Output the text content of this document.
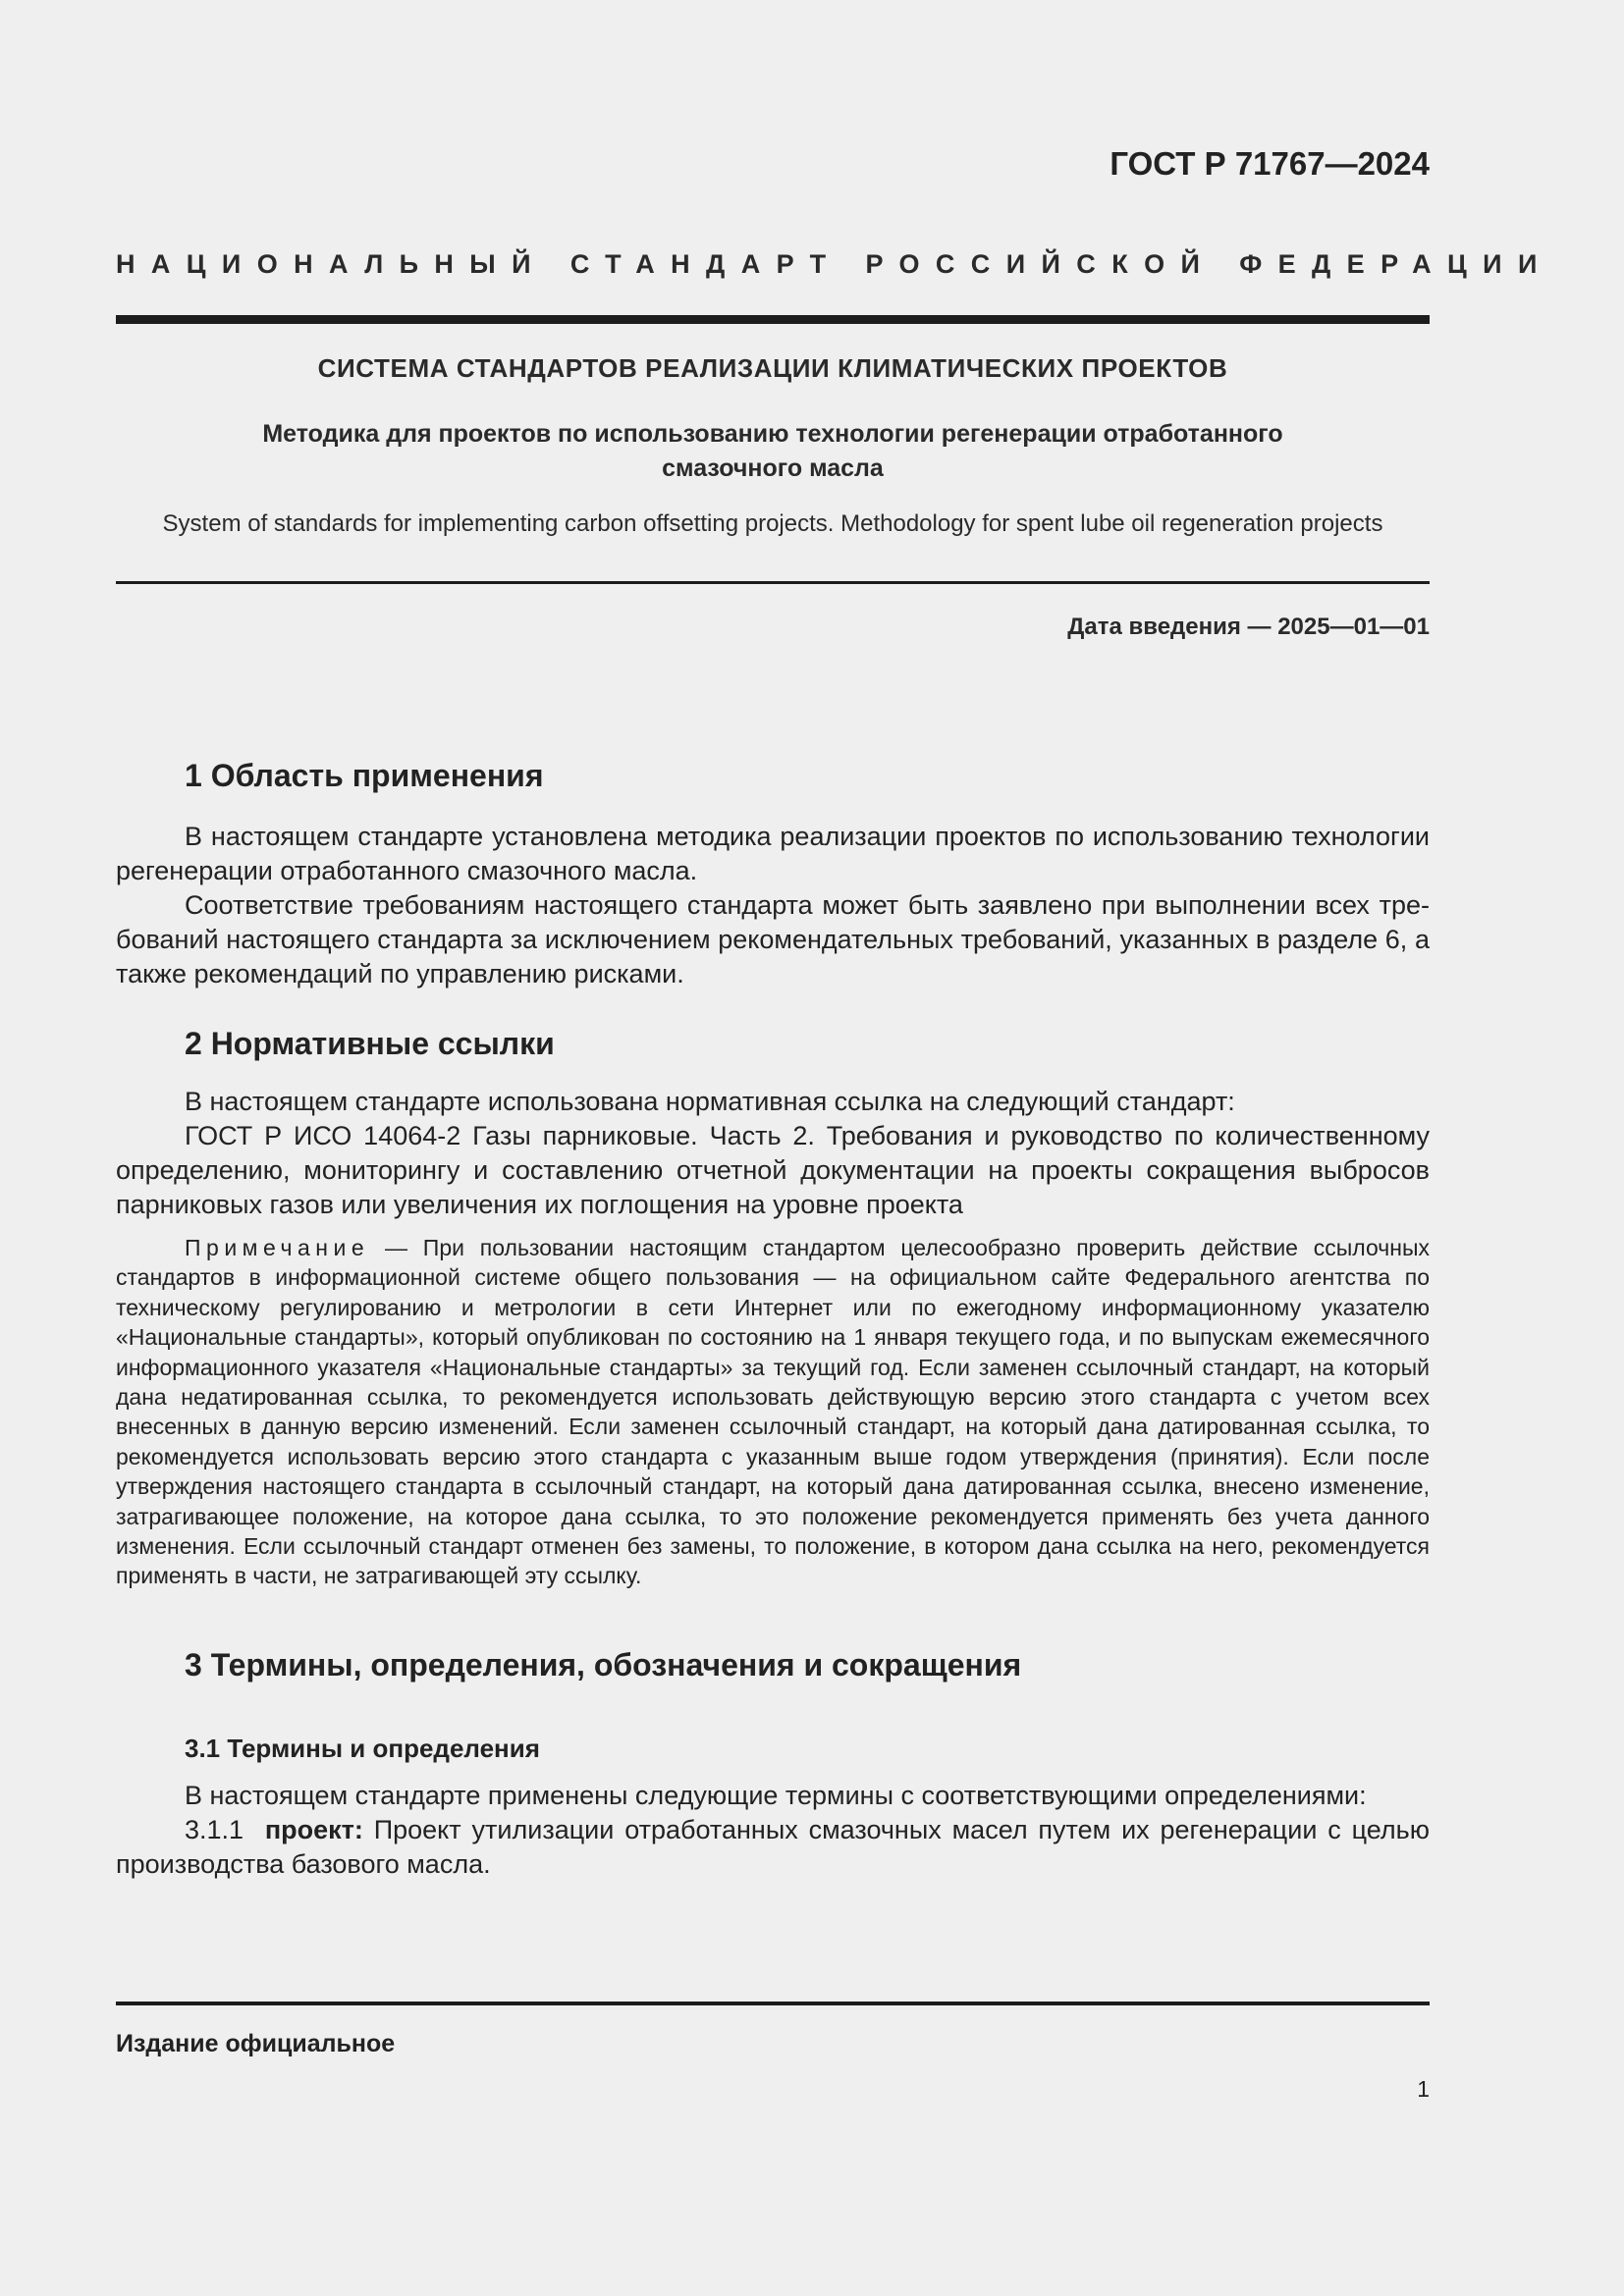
ГОСТ Р 71767—2024
НАЦИОНАЛЬНЫЙ СТАНДАРТ РОССИЙСКОЙ ФЕДЕРАЦИИ
СИСТЕМА СТАНДАРТОВ РЕАЛИЗАЦИИ КЛИМАТИЧЕСКИХ ПРОЕКТОВ
Методика для проектов по использованию технологии регенерации отработанного
смазочного масла
System of standards for implementing carbon offsetting projects. Methodology for spent lube oil regeneration projects
Дата введения — 2025—01—01
1 Область применения

В настоящем стандарте установлена методика реализации проектов по использованию технологии регенерации отработанного смазочного масла.

Соответствие требованиям настоящего стандарта может быть заявлено при выполнении всех требований настоящего стандарта за исключением рекомендательных требований, указанных в разделе 6, а также рекомендаций по управлению рисками.

2 Нормативные ссылки

В настоящем стандарте использована нормативная ссылка на следующий стандарт:

ГОСТ Р ИСО 14064-2 Газы парниковые. Часть 2. Требования и руководство по количественному определению, мониторингу и составлению отчетной документации на проекты сокращения выбросов парниковых газов или увеличения их поглощения на уровне проекта

Примечание — При пользовании настоящим стандартом целесообразно проверить действие ссылочных стандартов в информационной системе общего пользования — на официальном сайте Федерального агентства по техническому регулированию и метрологии в сети Интернет или по ежегодному информационному указателю «Национальные стандарты», который опубликован по состоянию на 1 января текущего года, и по выпускам ежемесячного информационного указателя «Национальные стандарты» за текущий год. Если заменен ссылочный стандарт, на который дана недатированная ссылка, то рекомендуется использовать действующую версию этого стандарта с учетом всех внесенных в данную версию изменений. Если заменен ссылочный стандарт, на который дана датированная ссылка, то рекомендуется использовать версию этого стандарта с указанным выше годом утверждения (принятия). Если после утверждения настоящего стандарта в ссылочный стандарт, на который дана датированная ссылка, внесено изменение, затрагивающее положение, на которое дана ссылка, то это положение рекомендуется применять без учета данного изменения. Если ссылочный стандарт отменен без замены, то положение, в котором дана ссылка на него, рекомендуется применять в части, не затрагивающей эту ссылку.

3 Термины, определения, обозначения и сокращения
3.1 Термины и определения

В настоящем стандарте применены следующие термины с соответствующими определениями:

3.1.1 проект: Проект утилизации отработанных смазочных масел путем их регенерации с целью производства базового масла.

Издание официальное
1
